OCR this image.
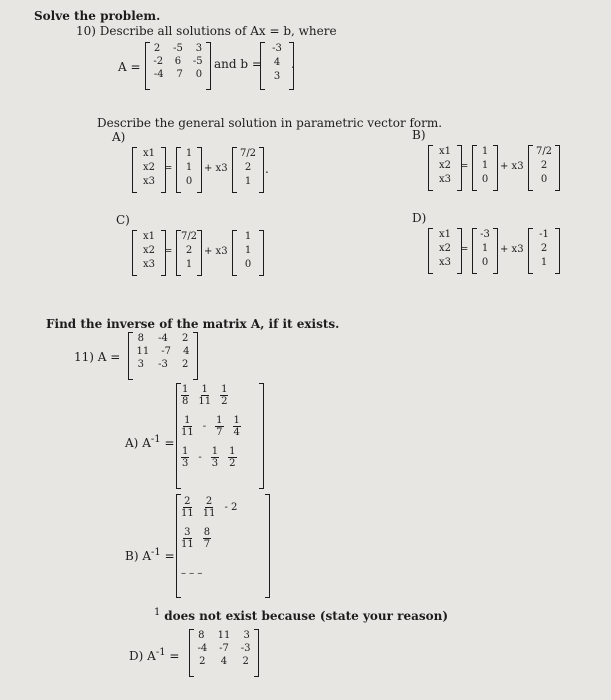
Solve the problem.
10) Describe all solutions of Ax = b, where
A =
2 -5 3
-2 6 -5
-4 7 0
and b =
-3
4
3
.
Describe the general solution in parametric vector form.
A)
x1
x2
x3
=
1
1
0
+ x3
7/2
2
1
.
B)
x1
x2
x3
=
1
1
0
+ x3
7/2
2
0
C)
x1
x2
x3
=
7/2
2
1
+ x3
1
1
0
D)
x1
x2
x3
=
-3
1
0
+ x3
-1
2
1
Find the inverse of the matrix A, if it exists.
11) A =
8 -4 2
11 -7 4
3 -3 2
$\frac{1}{8} \frac{1}{11} \frac{1}{2}$
$\frac{1}{11} - \frac{1}{7} \frac{1}{4}$
$\frac{1}{3} - \frac{1}{3} \frac{1}{2}$
A) $A^{-1}$ =
$\frac{2}{11} \frac{2}{11} - 2$
$\frac{3}{11} \frac{8}{7}$
– – –
B) $A^{-1}$ =
$^1$ does not exist because (state your reason)
D) $A^{-1}$ =
8 11 3
-4 -7 -3
2 4 2
